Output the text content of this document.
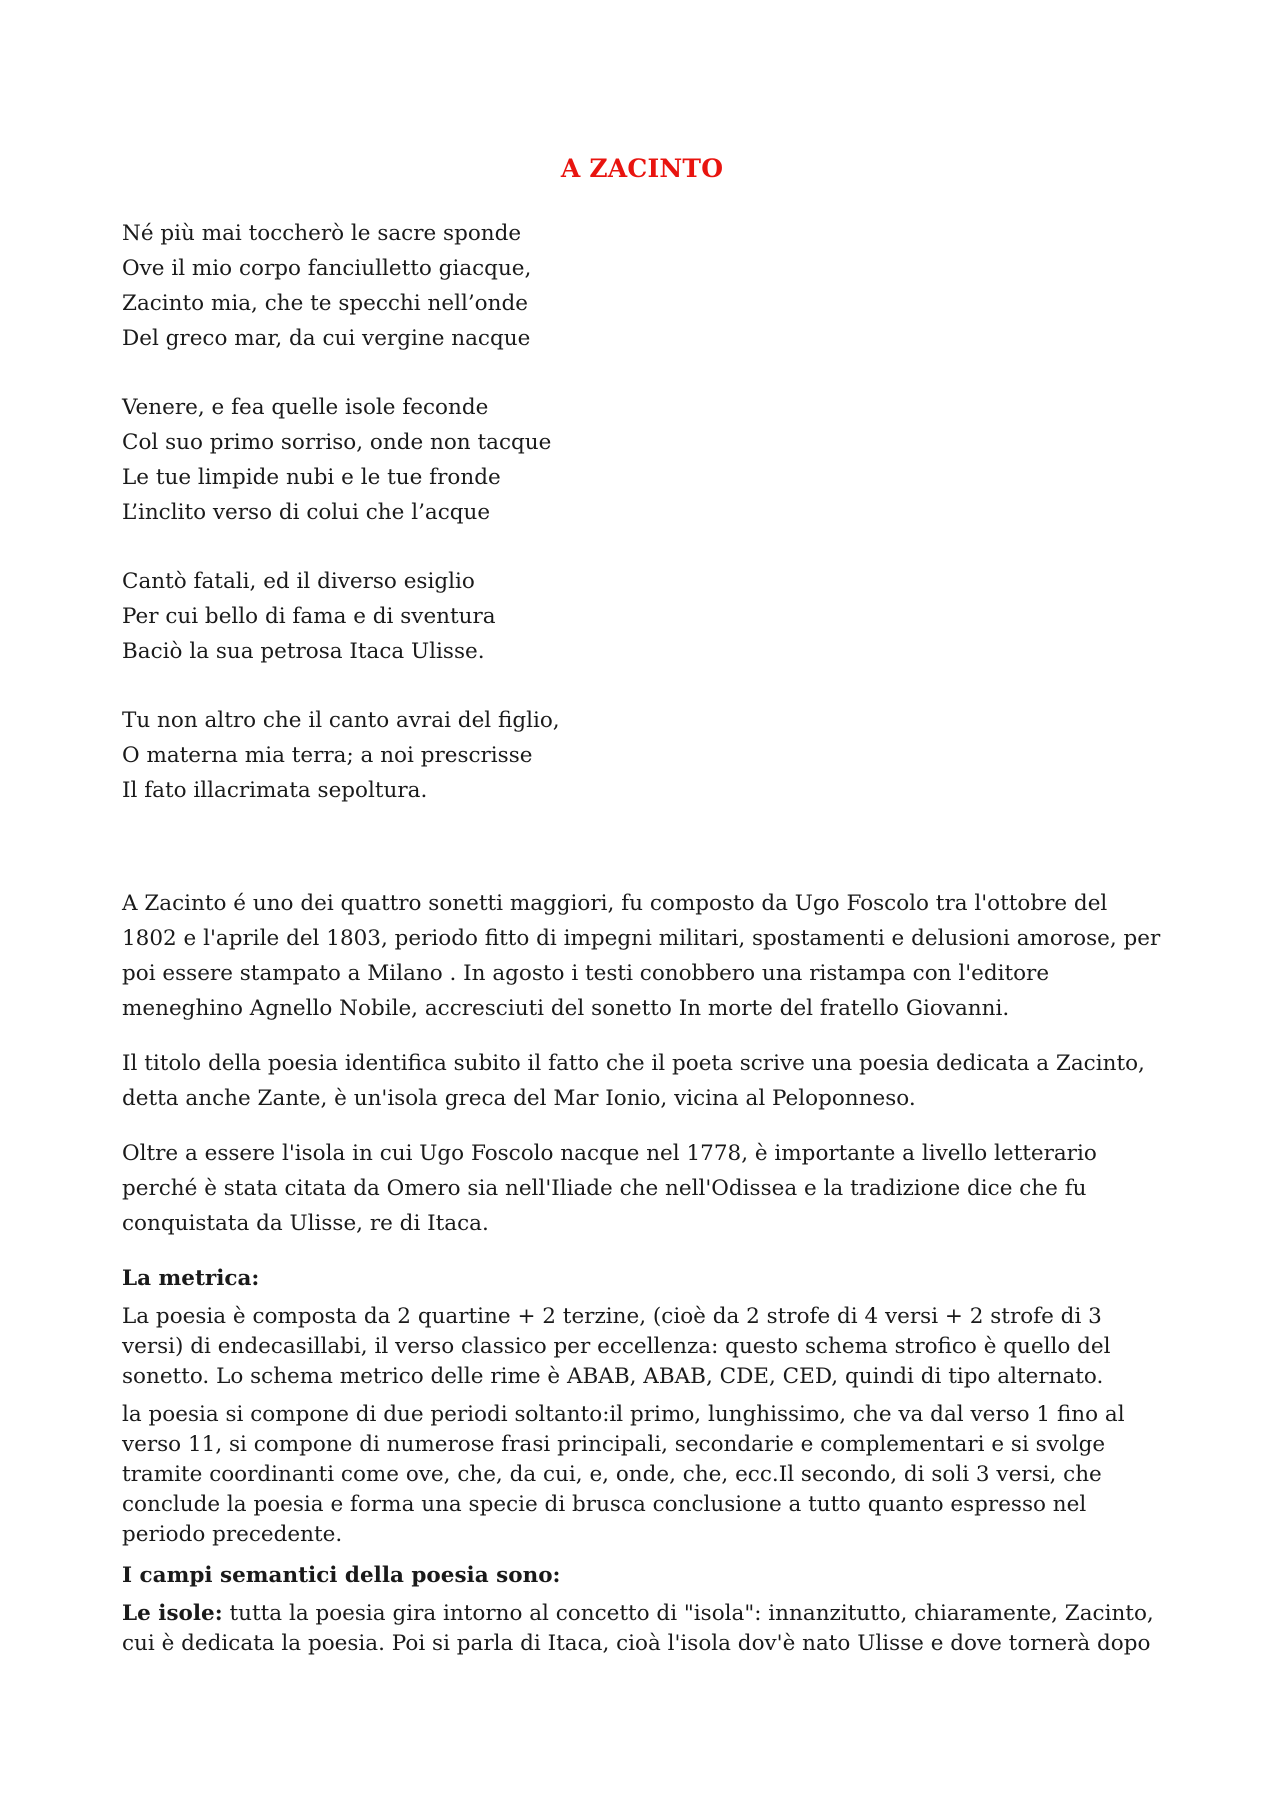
A ZACINTO
Né più mai toccherò le sacre sponde
Ove il mio corpo fanciulletto giacque,
Zacinto mia, che te specchi nell’onde
Del greco mar, da cui vergine nacque
Venere, e fea quelle isole feconde
Col suo primo sorriso, onde non tacque
Le tue limpide nubi e le tue fronde
L’inclito verso di colui che l’acque
Cantò fatali, ed il diverso esiglio
Per cui bello di fama e di sventura
Baciò la sua petrosa Itaca Ulisse.
Tu non altro che il canto avrai del figlio,
O materna mia terra; a noi prescrisse
Il fato illacrimata sepoltura.

A Zacinto é uno dei quattro sonetti maggiori, fu composto da Ugo Foscolo tra l'ottobre del 1802 e l'aprile del 1803, periodo fitto di impegni militari, spostamenti e delusioni amorose, per poi essere stampato a Milano . In agosto i testi conobbero una ristampa con l'editore meneghino Agnello Nobile, accresciuti del sonetto In morte del fratello Giovanni.

Il titolo della poesia identifica subito il fatto che il poeta scrive una poesia dedicata a Zacinto, detta anche Zante, è un'isola greca del Mar Ionio, vicina al Peloponneso.

Oltre a essere l'isola in cui Ugo Foscolo nacque nel 1778, è importante a livello letterario perché è stata citata da Omero sia nell'Iliade che nell'Odissea e la tradizione dice che fu conquistata da Ulisse, re di Itaca.

La metrica:

La poesia è composta da 2 quartine + 2 terzine, (cioè da 2 strofe di 4 versi + 2 strofe di 3 versi) di endecasillabi, il verso classico per eccellenza: questo schema strofico è quello del sonetto. Lo schema metrico delle rime è ABAB, ABAB, CDE, CED, quindi di tipo alternato.

la poesia si compone di due periodi soltanto:il primo, lunghissimo, che va dal verso 1 fino al verso 11, si compone di numerose frasi principali, secondarie e complementari e si svolge tramite coordinanti come ove, che, da cui, e, onde, che, ecc.Il secondo, di soli 3 versi, che conclude la poesia e forma una specie di brusca conclusione a tutto quanto espresso nel periodo precedente.

I campi semantici della poesia sono:

Le isole: tutta la poesia gira intorno al concetto di "isola": innanzitutto, chiaramente, Zacinto, cui è dedicata la poesia. Poi si parla di Itaca, cioà l'isola dov'è nato Ulisse e dove tornerà dopo
